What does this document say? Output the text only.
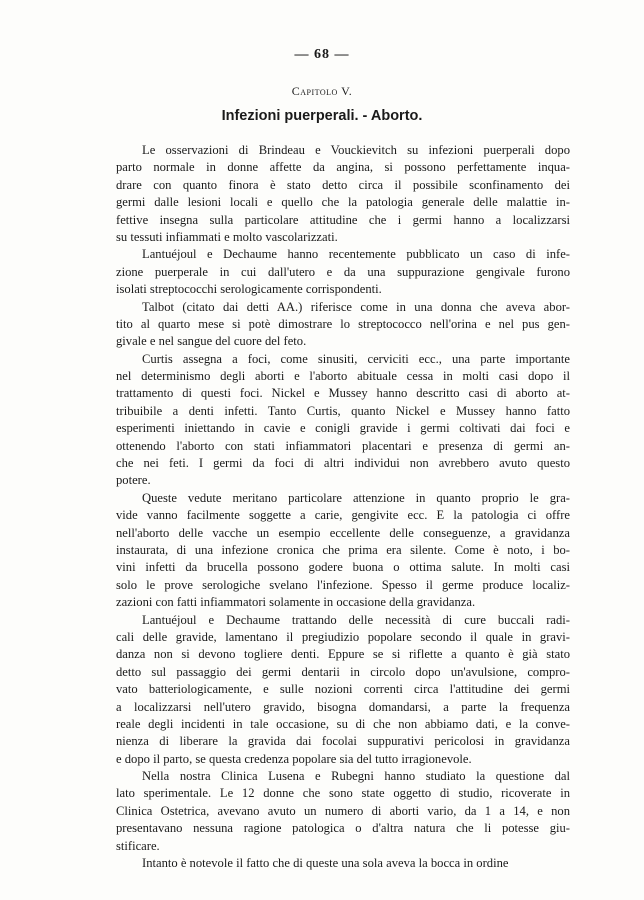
— 68 —
Capitolo V.
Infezioni puerperali. - Aborto.
Le osservazioni di Brindeau e Vouckievitch su infezioni puerperali dopo
parto normale in donne affette da angina, si possono perfettamente inqua-
drare con quanto finora è stato detto circa il possibile sconfinamento dei
germi dalle lesioni locali e quello che la patologia generale delle malattie in-
fettive insegna sulla particolare attitudine che i germi hanno a localizzarsi
su tessuti infiammati e molto vascolarizzati.
Lantuéjoul e Dechaume hanno recentemente pubblicato un caso di infe-
zione puerperale in cui dall'utero e da una suppurazione gengivale furono
isolati streptococchi serologicamente corrispondenti.
Talbot (citato dai detti AA.) riferisce come in una donna che aveva abor-
tito al quarto mese si potè dimostrare lo streptococco nell'orina e nel pus gen-
givale e nel sangue del cuore del feto.
Curtis assegna a foci, come sinusiti, cerviciti ecc., una parte importante
nel determinismo degli aborti e l'aborto abituale cessa in molti casi dopo il
trattamento di questi foci. Nickel e Mussey hanno descritto casi di aborto at-
tribuibile a denti infetti. Tanto Curtis, quanto Nickel e Mussey hanno fatto
esperimenti iniettando in cavie e conigli gravide i germi coltivati dai foci e
ottenendo l'aborto con stati infiammatori placentari e presenza di germi an-
che nei feti. I germi da foci di altri individui non avrebbero avuto questo
potere.
Queste vedute meritano particolare attenzione in quanto proprio le gra-
vide vanno facilmente soggette a carie, gengivite ecc. E la patologia ci offre
nell'aborto delle vacche un esempio eccellente delle conseguenze, a gravidanza
instaurata, di una infezione cronica che prima era silente. Come è noto, i bo-
vini infetti da brucella possono godere buona o ottima salute. In molti casi
solo le prove serologiche svelano l'infezione. Spesso il germe produce localiz-
zazioni con fatti infiammatori solamente in occasione della gravidanza.
Lantuéjoul e Dechaume trattando delle necessità di cure buccali radi-
cali delle gravide, lamentano il pregiudizio popolare secondo il quale in gravi-
danza non si devono togliere denti. Eppure se si riflette a quanto è già stato
detto sul passaggio dei germi dentarii in circolo dopo un'avulsione, compro-
vato batteriologicamente, e sulle nozioni correnti circa l'attitudine dei germi
a localizzarsi nell'utero gravido, bisogna domandarsi, a parte la frequenza
reale degli incidenti in tale occasione, su di che non abbiamo dati, e la conve-
nienza di liberare la gravida dai focolai suppurativi pericolosi in gravidanza
e dopo il parto, se questa credenza popolare sia del tutto irragionevole.
Nella nostra Clinica Lusena e Rubegni hanno studiato la questione dal
lato sperimentale. Le 12 donne che sono state oggetto di studio, ricoverate in
Clinica Ostetrica, avevano avuto un numero di aborti vario, da 1 a 14, e non
presentavano nessuna ragione patologica o d'altra natura che li potesse giu-
stificare.
Intanto è notevole il fatto che di queste una sola aveva la bocca in ordine
